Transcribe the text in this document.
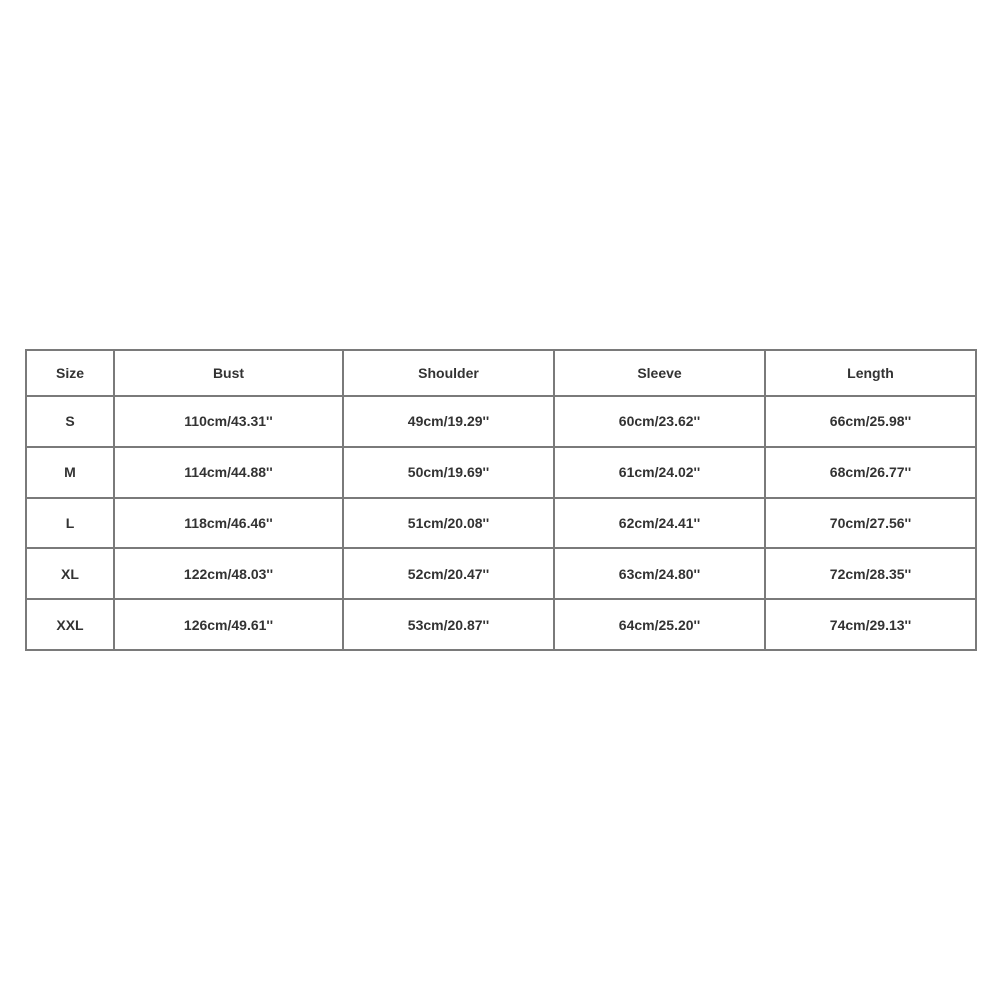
Size	Bust	Shoulder	Sleeve	Length
S	110cm/43.31''	49cm/19.29''	60cm/23.62''	66cm/25.98''
M	114cm/44.88''	50cm/19.69''	61cm/24.02''	68cm/26.77''
L	118cm/46.46''	51cm/20.08''	62cm/24.41''	70cm/27.56''
XL	122cm/48.03''	52cm/20.47''	63cm/24.80''	72cm/28.35''
XXL	126cm/49.61''	53cm/20.87''	64cm/25.20''	74cm/29.13''
